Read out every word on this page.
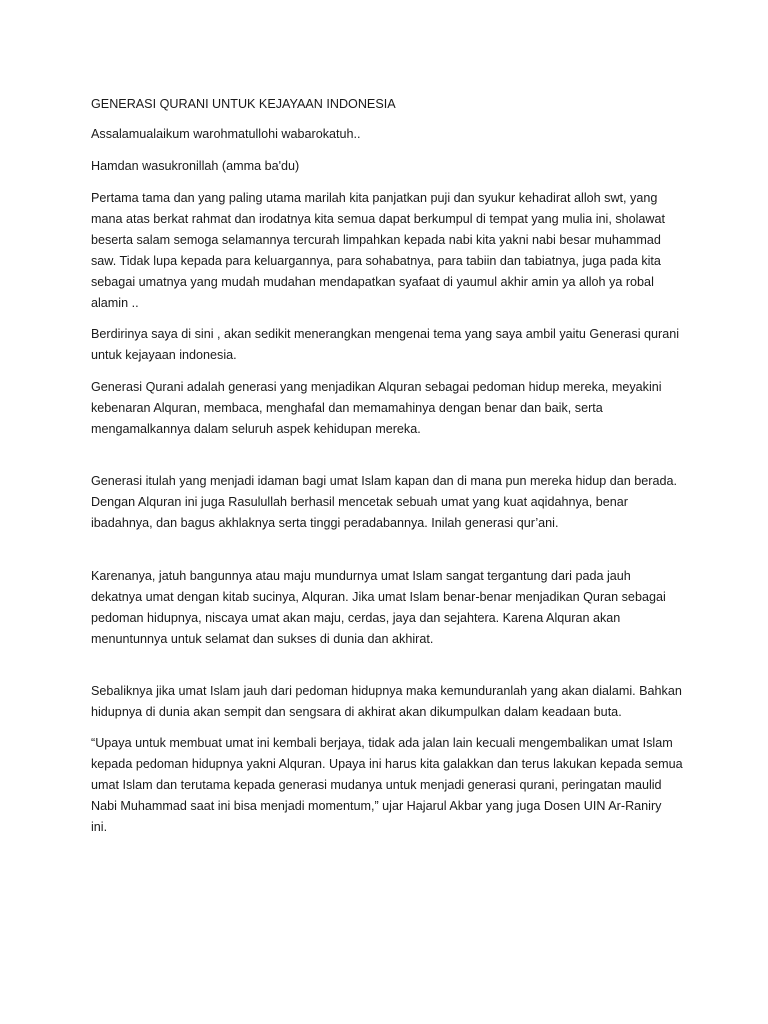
GENERASI QURANI UNTUK KEJAYAAN INDONESIA

Assalamualaikum warohmatullohi wabarokatuh..

Hamdan wasukronillah (amma ba'du)

Pertama tama dan yang paling utama marilah kita panjatkan puji dan syukur kehadirat alloh swt, yang
mana atas berkat rahmat dan irodatnya kita semua dapat berkumpul di tempat yang mulia ini, sholawat
beserta salam semoga selamannya tercurah limpahkan kepada nabi kita yakni nabi besar muhammad
saw. Tidak lupa kepada para keluargannya, para sohabatnya, para tabiin dan tabiatnya, juga pada kita
sebagai umatnya yang mudah mudahan mendapatkan syafaat di yaumul akhir amin ya alloh ya robal
alamin ..

Berdirinya saya di sini , akan sedikit menerangkan mengenai tema yang saya ambil yaitu Generasi qurani
untuk kejayaan indonesia.

Generasi Qurani adalah generasi yang menjadikan Alquran sebagai pedoman hidup mereka, meyakini
kebenaran Alquran, membaca, menghafal dan memamahinya dengan benar dan baik, serta
mengamalkannya dalam seluruh aspek kehidupan mereka.

Generasi itulah yang menjadi idaman bagi umat Islam kapan dan di mana pun mereka hidup dan berada.
Dengan Alquran ini juga Rasulullah berhasil mencetak sebuah umat yang kuat aqidahnya, benar
ibadahnya, dan bagus akhlaknya serta tinggi peradabannya. Inilah generasi qur’ani.

Karenanya, jatuh bangunnya atau maju mundurnya umat Islam sangat tergantung dari pada jauh
dekatnya umat dengan kitab sucinya, Alquran. Jika umat Islam benar-benar menjadikan Quran sebagai
pedoman hidupnya, niscaya umat akan maju, cerdas, jaya dan sejahtera. Karena Alquran akan
menuntunnya untuk selamat dan sukses di dunia dan akhirat.

Sebaliknya jika umat Islam jauh dari pedoman hidupnya maka kemunduranlah yang akan dialami. Bahkan
hidupnya di dunia akan sempit dan sengsara di akhirat akan dikumpulkan dalam keadaan buta.

“Upaya untuk membuat umat ini kembali berjaya, tidak ada jalan lain kecuali mengembalikan umat Islam
kepada pedoman hidupnya yakni Alquran. Upaya ini harus kita galakkan dan terus lakukan kepada semua
umat Islam dan terutama kepada generasi mudanya untuk menjadi generasi qurani, peringatan maulid
Nabi Muhammad saat ini bisa menjadi momentum,” ujar Hajarul Akbar yang juga Dosen UIN Ar-Raniry
ini.
